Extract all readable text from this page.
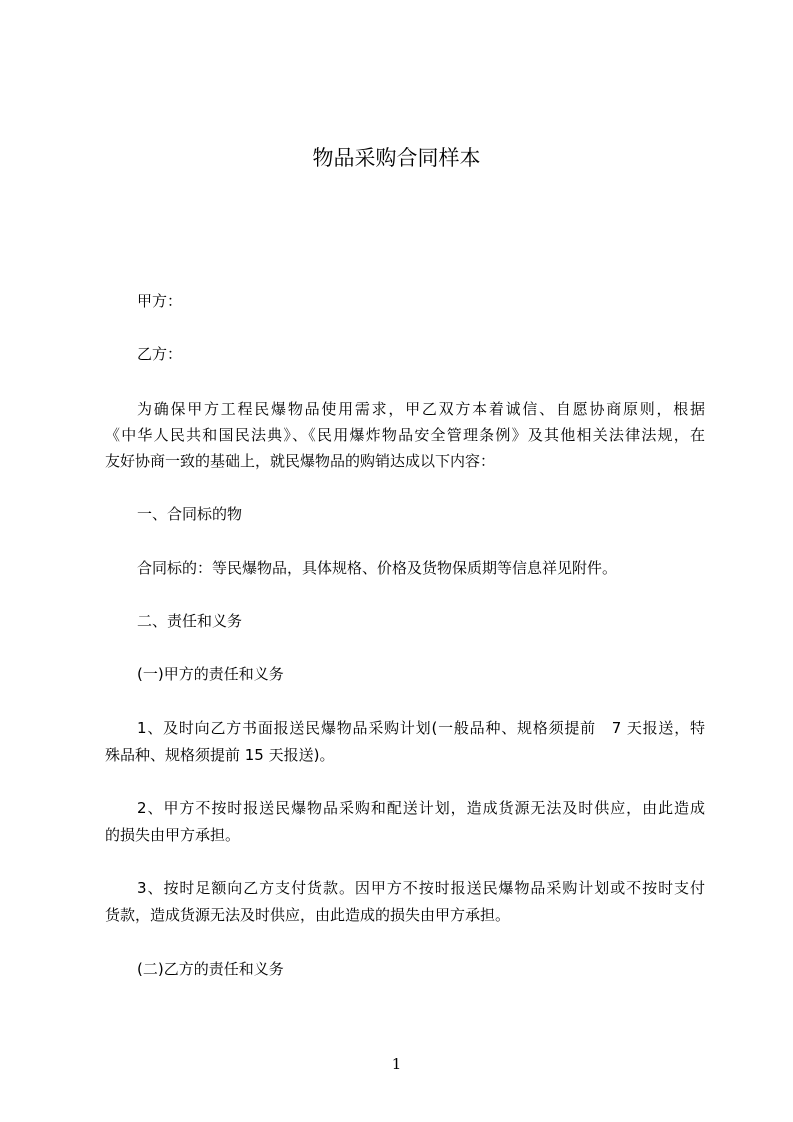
物品采购合同样本

甲方：

乙方：

为确保甲方工程民爆物品使用需求，甲乙双方本着诚信、自愿协商原则，根据

《中华人民共和国民法典》、《民用爆炸物品安全管理条例》及其他相关法律法规，在

友好协商一致的基础上，就民爆物品的购销达成以下内容：

一、合同标的物

合同标的：等民爆物品，具体规格、价格及货物保质期等信息祥见附件。

二、责任和义务

(一)甲方的责任和义务

1、及时向乙方书面报送民爆物品采购计划(一般品种、规格须提前　7 天报送，特

殊品种、规格须提前 15 天报送)。

2、甲方不按时报送民爆物品采购和配送计划，造成货源无法及时供应，由此造成

的损失由甲方承担。

3、按时足额向乙方支付货款。因甲方不按时报送民爆物品采购计划或不按时支付

货款，造成货源无法及时供应，由此造成的损失由甲方承担。

(二)乙方的责任和义务

1
